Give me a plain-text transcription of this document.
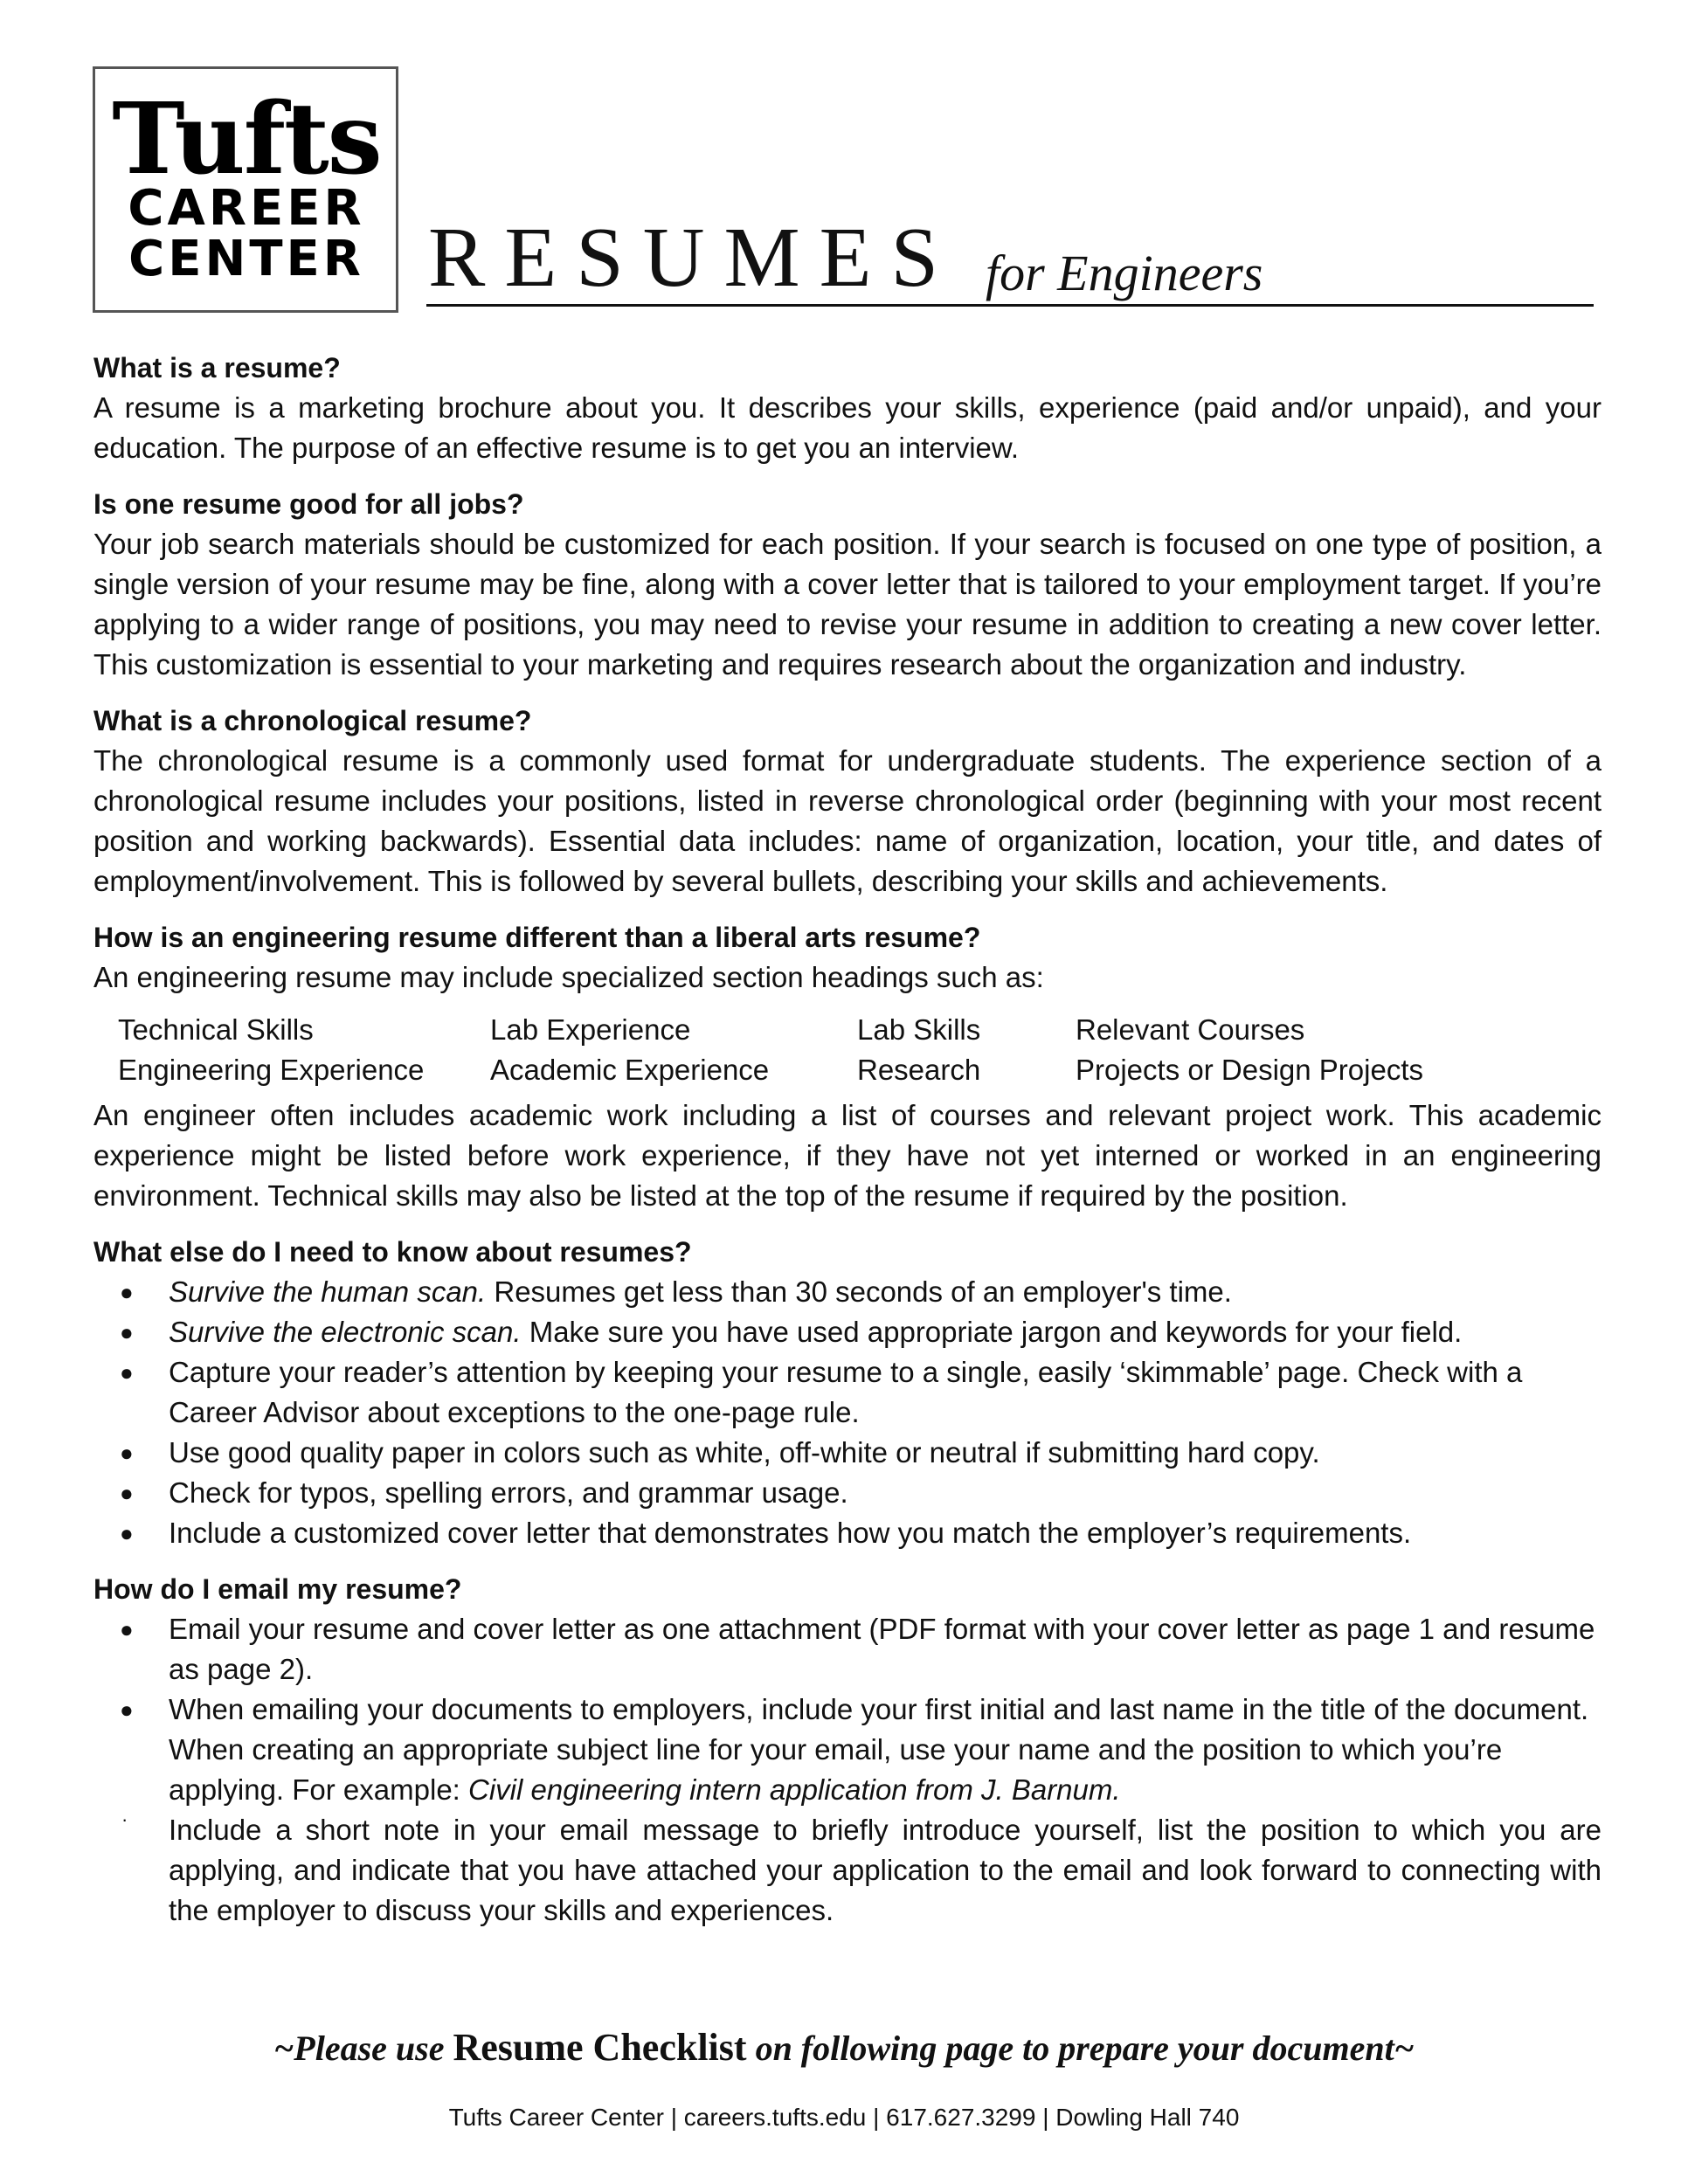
Tufts
CAREER
CENTER RESUMES for Engineers

What is a resume?

A resume is a marketing brochure about you. It describes your skills, experience (paid and/or unpaid), and your education. The purpose of an effective resume is to get you an interview.

Is one resume good for all jobs?

Your job search materials should be customized for each position. If your search is focused on one type of position, a single version of your resume may be fine, along with a cover letter that is tailored to your employment target. If you’re applying to a wider range of positions, you may need to revise your resume in addition to creating a new cover letter. This customization is essential to your marketing and requires research about the organization and industry.

What is a chronological resume?

The chronological resume is a commonly used format for undergraduate students. The experience section of a chronological resume includes your positions, listed in reverse chronological order (beginning with your most recent position and working backwards). Essential data includes: name of organization, location, your title, and dates of employment/involvement. This is followed by several bullets, describing your skills and achievements.

How is an engineering resume different than a liberal arts resume?

An engineering resume may include specialized section headings such as:

Technical Skills	Lab Experience	Lab Skills	Relevant Courses
Engineering Experience	Academic Experience	Research	Projects or Design Projects

An engineer often includes academic work including a list of courses and relevant project work. This academic experience might be listed before work experience, if they have not yet interned or worked in an engineering environment. Technical skills may also be listed at the top of the resume if required by the position.

What else do I need to know about resumes?

● Survive the human scan. Resumes get less than 30 seconds of an employer's time.
● Survive the electronic scan. Make sure you have used appropriate jargon and keywords for your field.
● Capture your reader’s attention by keeping your resume to a single, easily ‘skimmable’ page. Check with a Career Advisor about exceptions to the one-page rule.
● Use good quality paper in colors such as white, off-white or neutral if submitting hard copy.
● Check for typos, spelling errors, and grammar usage.
● Include a customized cover letter that demonstrates how you match the employer’s requirements.

How do I email my resume?

● Email your resume and cover letter as one attachment (PDF format with your cover letter as page 1 and resume as page 2).
● When emailing your documents to employers, include your first initial and last name in the title of the document. When creating an appropriate subject line for your email, use your name and the position to which you’re applying. For example: Civil engineering intern application from J. Barnum.
· Include a short note in your email message to briefly introduce yourself, list the position to which you are applying, and indicate that you have attached your application to the email and look forward to connecting with the employer to discuss your skills and experiences.
~Please use Resume Checklist on following page to prepare your document~
Tufts Career Center | careers.tufts.edu | 617.627.3299 | Dowling Hall 740
